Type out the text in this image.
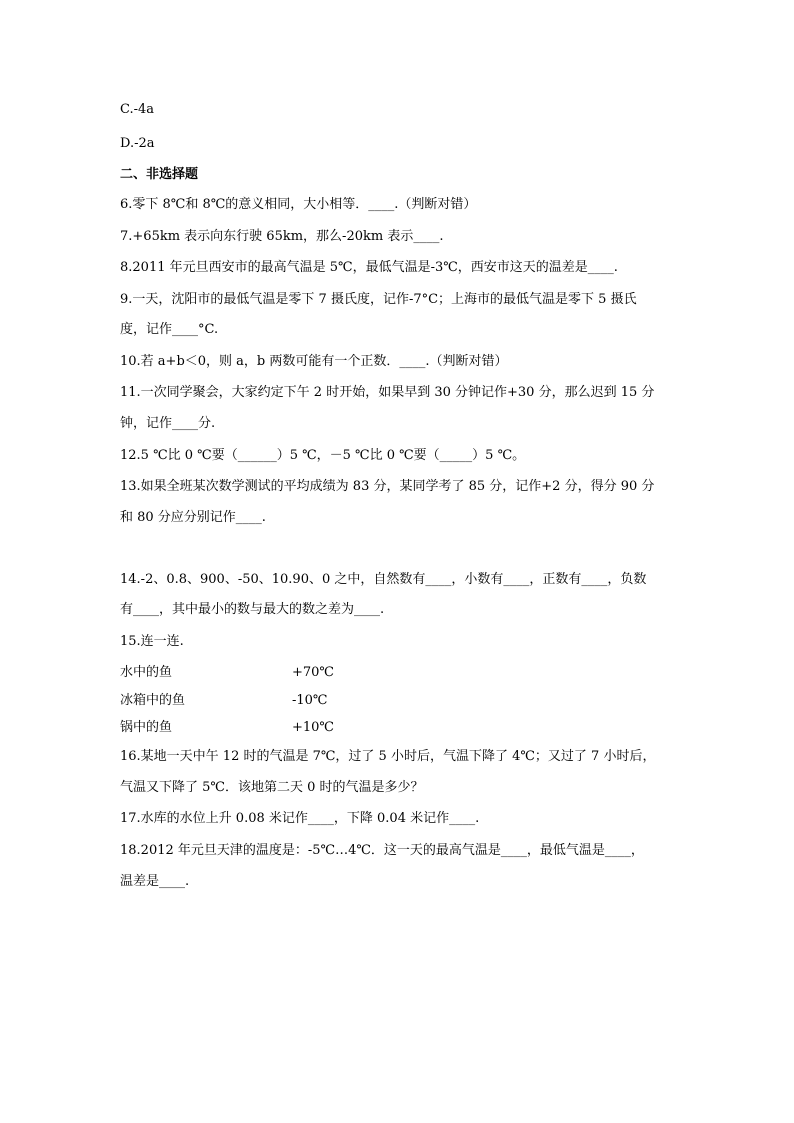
C.-4a
D.-2a
二、非选择题
6.零下 8℃和 8℃的意义相同，大小相等．____.（判断对错）
7.+65km 表示向东行驶 65km，那么-20km 表示____.
8.2011 年元旦西安市的最高气温是 5℃，最低气温是-3℃，西安市这天的温差是____.
9.一天，沈阳市的最低气温是零下 7 摄氏度，记作-7°C；上海市的最低气温是零下 5 摄氏
度，记作____°C.
10.若 a+b＜0，则 a，b 两数可能有一个正数．____.（判断对错）
11.一次同学聚会，大家约定下午 2 时开始，如果早到 30 分钟记作+30 分，那么迟到 15 分
钟，记作____分.
12.5 ℃比 0 ℃要（______）5 ℃，－5 ℃比 0 ℃要（_____）5 ℃。
13.如果全班某次数学测试的平均成绩为 83 分，某同学考了 85 分，记作+2 分，得分 90 分
和 80 分应分别记作____.
14.-2、0.8、900、-50、10.90、0 之中，自然数有____，小数有____，正数有____，负数
有____，其中最小的数与最大的数之差为____.
15.连一连.
水中的鱼	+70℃
冰箱中的鱼	-10℃
锅中的鱼	+10℃
16.某地一天中午 12 时的气温是 7℃，过了 5 小时后，气温下降了 4℃；又过了 7 小时后，
气温又下降了 5℃．该地第二天 0 时的气温是多少？
17.水库的水位上升 0.08 米记作____，下降 0.04 米记作____.
18.2012 年元旦天津的温度是：-5℃…4℃．这一天的最高气温是____，最低气温是____，
温差是____.
